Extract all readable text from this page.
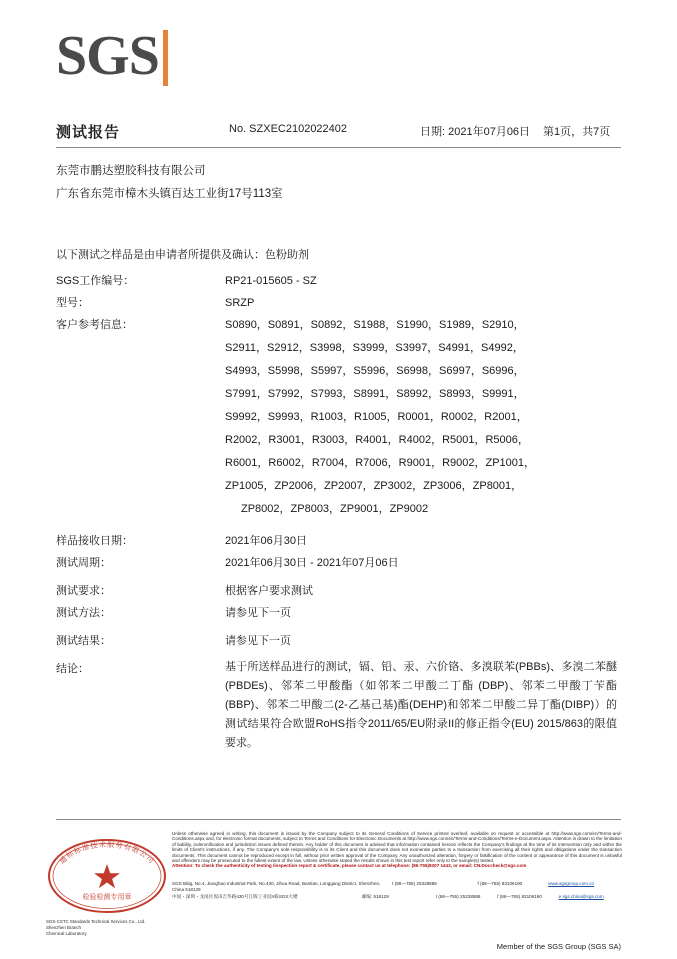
SGS
测试报告	No. SZXEC2102022402	日期: 2021年07月06日 第1页，共7页
东莞市鹏达塑胶科技有限公司
广东省东莞市樟木头镇百达工业街17号113室
以下测试之样品是由申请者所提供及确认：色粉助剂
SGS工作编号：	RP21-015605 - SZ
型号：	SRZP
客户参考信息：	S0890，S0891，S0892，S1988，S1990，S1989，S2910，
S2911，S2912，S3998，S3999，S3997，S4991，S4992，
S4993，S5998，S5997，S5996，S6998，S6997，S6996，
S7991，S7992，S7993，S8991，S8992，S8993，S9991，
S9992，S9993，R1003，R1005，R0001，R0002，R2001，
R2002，R3001，R3003，R4001，R4002，R5001，R5006，
R6001，R6002，R7004，R7006，R9001，R9002，ZP1001，
ZP1005，ZP2006，ZP2007，ZP3002，ZP3006，ZP8001，
ZP8002，ZP8003，ZP9001，ZP9002
样品接收日期：	2021年06月30日
测试周期：	2021年06月30日 - 2021年07月06日
测试要求：	根据客户要求测试
测试方法：	请参见下一页
测试结果：	请参见下一页
结论：	基于所送样品进行的测试，镉、铅、汞、六价铬、多溴联苯(PBBs)、多溴二苯醚(PBDEs)、邻苯二甲酸酯（如邻苯二甲酸二丁酯 (DBP)、邻苯二甲酸丁苄酯(BBP)、邻苯二甲酸二(2-乙基己基)酯(DEHP)和邻苯二甲酸二异丁酯(DIBP)）的测试结果符合欧盟RoHS指令2011/65/EU附录II的修正指令(EU) 2015/863的限值要求。
通标标准技术服务有限公司
检验检测专用章
Unless otherwise agreed in writing, this document is issued by the Company subject to its General Conditions of Service printed overleaf, available on request or accessible at http://www.sgs.com/en/Terms-and-Conditions.aspx and, for electronic format documents, subject to Terms and Conditions for Electronic Documents at http://www.sgs.com/en/Terms-and-Conditions/Terms-e-Document.aspx. Attention is drawn to the limitation of liability, indemnification and jurisdiction issues defined therein. Any holder of this document is advised that information contained hereon reflects the Company's findings at the time of its intervention only and within the limits of Client's instructions, if any. The Company's sole responsibility is to its Client and this document does not exonerate parties to a transaction from exercising all their rights and obligations under the transaction documents. This document cannot be reproduced except in full, without prior written approval of the Company. Any unauthorized alteration, forgery or falsification of the content or appearance of this document is unlawful and offenders may be prosecuted to the fullest extent of the law. Unless otherwise stated the results shown in this test report refer only to the sample(s) tested.
Attention: To check the authenticity of testing /inspection report & certificate, please contact us at telephone: (86-755)8307 1443, or email: CN.Doccheck@sgs.com
SGS Bldg, No.4, Jianghao Industrial Park, No.430, Jihua Road, Bantian, Longgang District, Shenzhen, China 518129
t (86—755) 25328888	f (86—755) 83106190	www.sgsgroup.com.cn
中国・深圳・龙岗区坂田吉华路430号江晖工业园4栋SGS大楼	邮编: 518129	t (86—755) 25328888	f (86—755) 83106190	e sgs.china@sgs.com
SGS-CSTC Standards Technical Services Co., Ltd.
Shenzhen Branch
Chemical Laboratory
Member of the SGS Group (SGS SA)
